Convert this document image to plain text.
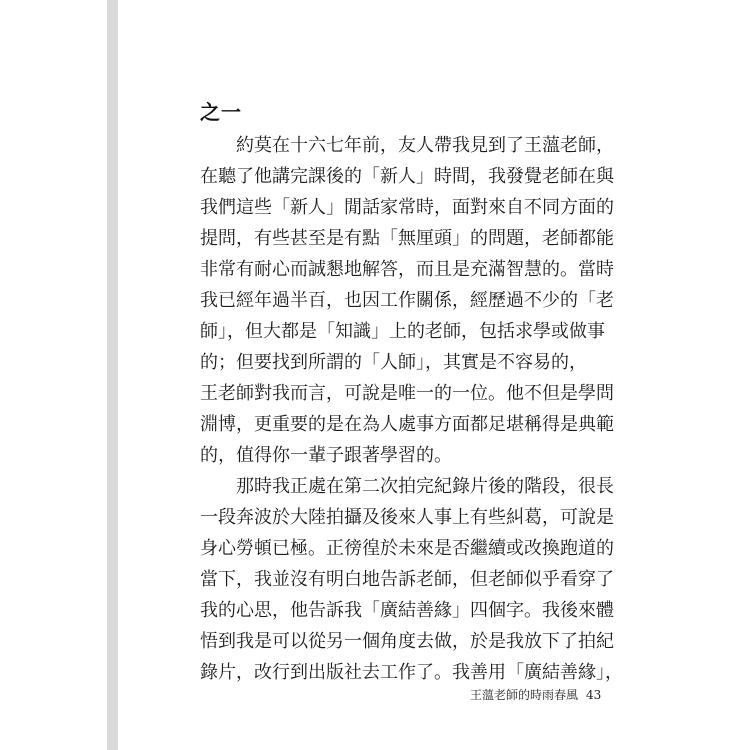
之一
　　約莫在十六七年前，友人帶我見到了王薀老師，
在聽了他講完課後的「新人」時間，我發覺老師在與
我們這些「新人」閒話家常時，面對來自不同方面的
提問，有些甚至是有點「無厘頭」的問題，老師都能
非常有耐心而誠懇地解答，而且是充滿智慧的。當時
我已經年過半百，也因工作關係，經歷過不少的「老
師」，但大都是「知識」上的老師，包括求學或做事
的；但要找到所謂的「人師」，其實是不容易的，
王老師對我而言，可說是唯一的一位。他不但是學問
淵博，更重要的是在為人處事方面都足堪稱得是典範
的，值得你一輩子跟著學習的。
　　那時我正處在第二次拍完紀錄片後的階段，很長
一段奔波於大陸拍攝及後來人事上有些糾葛，可說是
身心勞頓已極。正徬徨於未來是否繼續或改換跑道的
當下，我並沒有明白地告訴老師，但老師似乎看穿了
我的心思，他告訴我「廣結善緣」四個字。我後來體
悟到我是可以從另一個角度去做，於是我放下了拍紀
錄片，改行到出版社去工作了。我善用「廣結善緣」，
王薀老師的時雨春風 43
